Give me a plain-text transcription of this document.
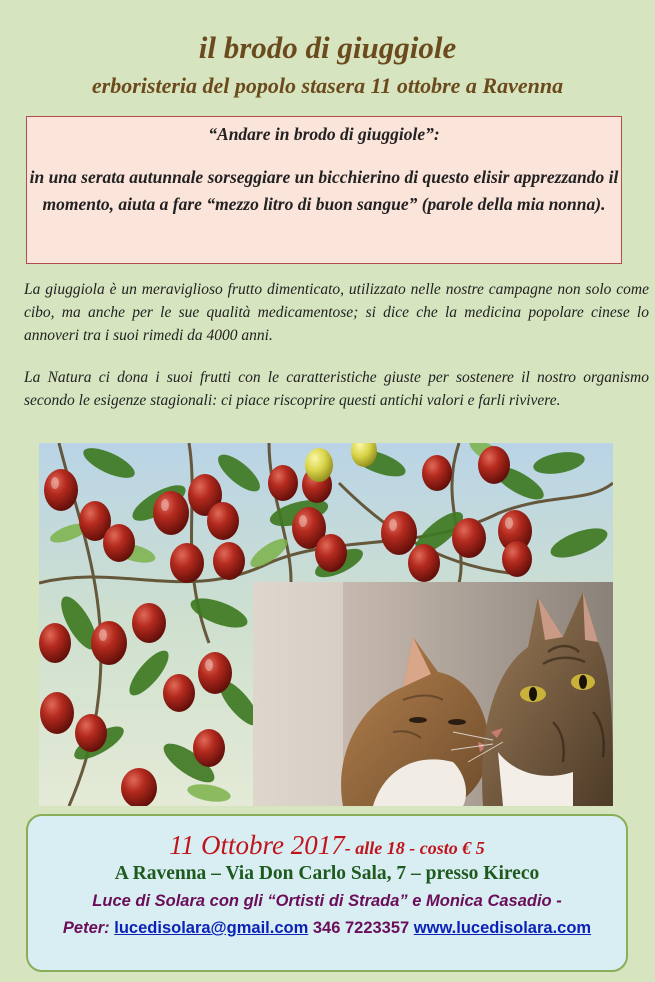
il brodo di giuggiole
erboristeria del popolo stasera 11 ottobre a Ravenna
“Andare in brodo di giuggiole”:
in una serata autunnale sorseggiare un bicchierino di questo elisir apprezzando il momento, aiuta a fare “mezzo litro di buon sangue” (parole della mia nonna).
La giuggiola è un meraviglioso frutto dimenticato, utilizzato nelle nostre campagne non solo come cibo, ma anche per le sue qualità medicamentose; si dice che la medicina popolare cinese lo annoveri tra i suoi rimedi da 4000 anni.
La Natura ci dona i suoi frutti con le caratteristiche giuste per sostenere il nostro organismo secondo le esigenze stagionali: ci piace riscoprire questi antichi valori e farli rivivere.
11 Ottobre 2017- alle 18 - costo € 5
A Ravenna – Via Don Carlo Sala, 7 – presso Kireco
Luce di Solara con gli “Ortisti di Strada” e Monica Casadio -
Peter: lucedisolara@gmail.com 346 7223357 www.lucedisolara.com
